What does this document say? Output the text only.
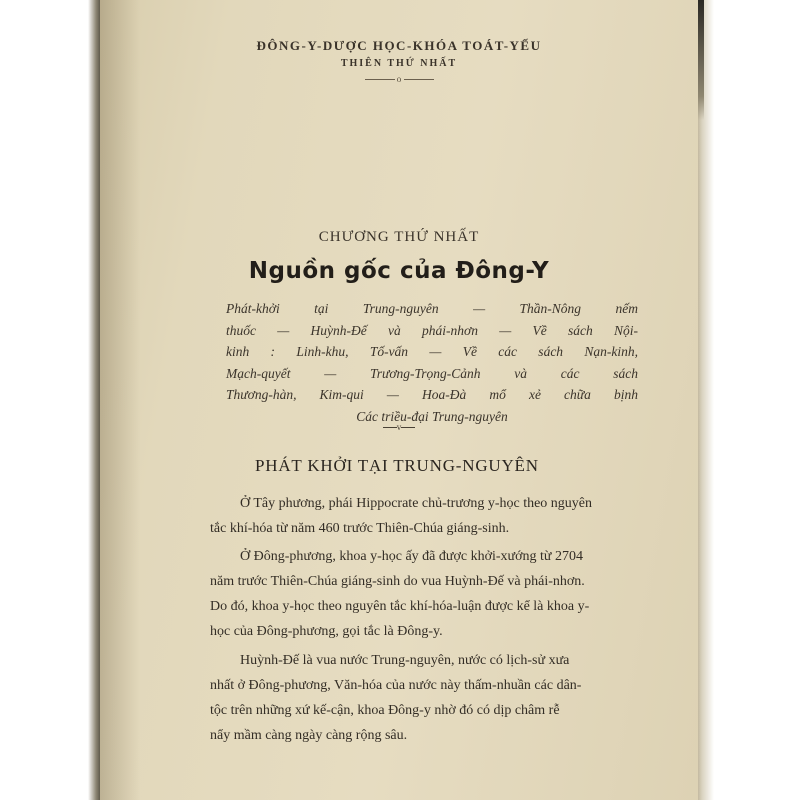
ĐÔNG-Y-DƯỢC HỌC-KHÓA TOÁT-YẾU
THIÊN THỨ NHẤT
o
CHƯƠNG THỨ NHẤT
Nguồn gốc của Đông-Y
Phát-khởi tại Trung-nguyên — Thần-Nông nếm
thuốc — Huỳnh-Đế và phái-nhơn — Về sách Nội-
kinh : Linh-khu, Tố-vấn — Về các sách Nạn-kinh,
Mạch-quyết — Trương-Trọng-Cảnh và các sách
Thương-hàn, Kim-qui — Hoa-Đà mổ xẻ chữa bịnh
Các triều-đại Trung-nguyên
v
PHÁT KHỞI TẠI TRUNG-NGUYÊN
Ở Tây phương, phái Hippocrate chủ-trương y-học theo nguyên
tắc khí-hóa từ năm 460 trước Thiên-Chúa giáng-sinh.
Ở Đông-phương, khoa y-học ấy đã được khởi-xướng từ 2704
năm trước Thiên-Chúa giáng-sinh do vua Huỳnh-Đế và phái-nhơn.
Do đó, khoa y-học theo nguyên tắc khí-hóa-luận được kể là khoa y-
học của Đông-phương, gọi tắc là Đông-y.
Huỳnh-Đế là vua nước Trung-nguyên, nước có lịch-sử xưa
nhất ở Đông-phương, Văn-hóa của nước này thấm-nhuần các dân-
tộc trên những xứ kế-cận, khoa Đông-y nhờ đó có dịp châm rễ
nẩy mầm càng ngày càng rộng sâu.
